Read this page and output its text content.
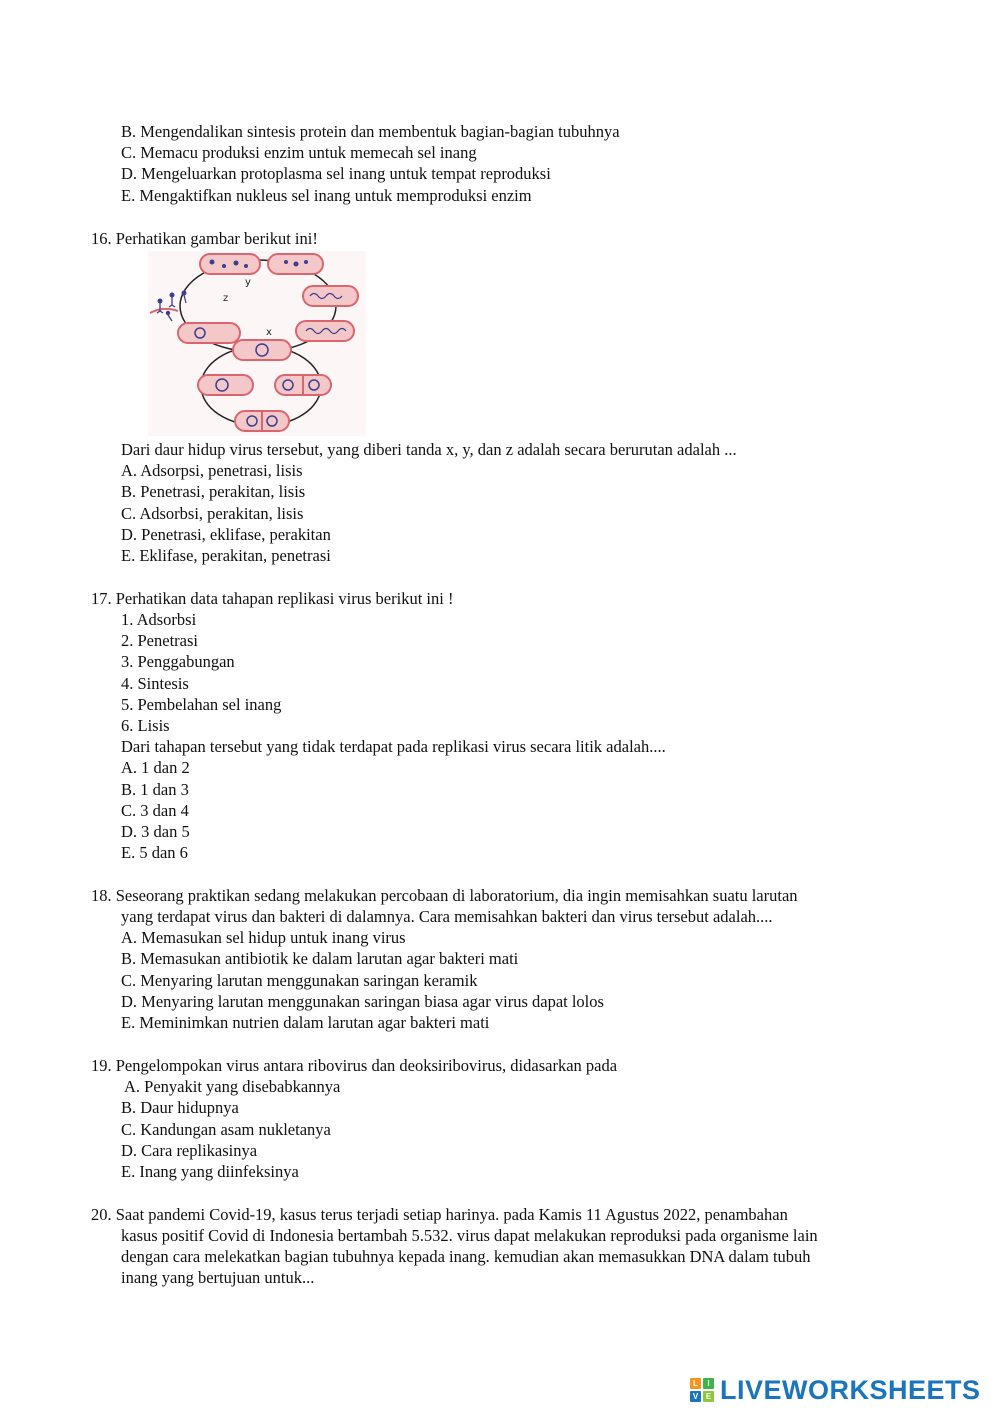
B. Mengendalikan sintesis protein dan membentuk bagian-bagian tubuhnya
C. Memacu produksi enzim untuk memecah sel inang
D. Mengeluarkan protoplasma sel inang untuk tempat reproduksi
E. Mengaktifkan nukleus sel inang untuk memproduksi enzim
16. Perhatikan gambar berikut ini!
z
y
x
Dari daur hidup virus tersebut, yang diberi tanda x, y, dan z adalah secara berurutan adalah ...
A. Adsorpsi, penetrasi, lisis
B. Penetrasi, perakitan, lisis
C. Adsorbsi, perakitan, lisis
D. Penetrasi, eklifase, perakitan
E. Eklifase, perakitan, penetrasi
17. Perhatikan data tahapan replikasi virus berikut ini !
1. Adsorbsi
2. Penetrasi
3. Penggabungan
4. Sintesis
5. Pembelahan sel inang
6. Lisis
Dari tahapan tersebut yang tidak terdapat pada replikasi virus secara litik adalah....
A. 1 dan 2
B. 1 dan 3
C. 3 dan 4
D. 3 dan 5
E. 5 dan 6
18. Seseorang praktikan sedang melakukan percobaan di laboratorium, dia ingin memisahkan suatu larutan
yang terdapat virus dan bakteri di dalamnya. Cara memisahkan bakteri dan virus tersebut adalah....
A. Memasukan sel hidup untuk inang virus
B. Memasukan antibiotik ke dalam larutan agar bakteri mati
C. Menyaring larutan menggunakan saringan keramik
D. Menyaring larutan menggunakan saringan biasa agar virus dapat lolos
E. Meminimkan nutrien dalam larutan agar bakteri mati
19. Pengelompokan virus antara ribovirus dan deoksiribovirus, didasarkan pada
A. Penyakit yang disebabkannya
B. Daur hidupnya
C. Kandungan asam nukletanya
D. Cara replikasinya
E. Inang yang diinfeksinya
20. Saat pandemi Covid-19, kasus terus terjadi setiap harinya. pada Kamis 11 Agustus 2022, penambahan
kasus positif Covid di Indonesia bertambah 5.532. virus dapat melakukan reproduksi pada organisme lain
dengan cara melekatkan bagian tubuhnya kepada inang. kemudian akan memasukkan DNA dalam tubuh
inang yang bertujuan untuk...
L	I
V E LIVEWORKSHEETS
